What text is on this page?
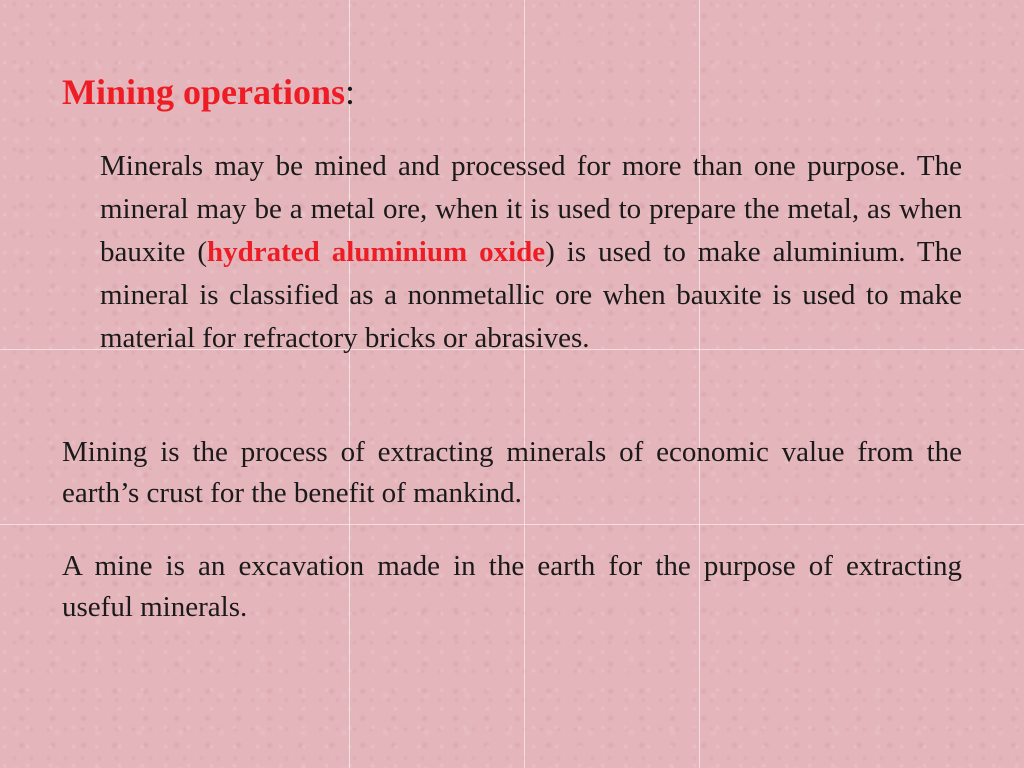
Mining operations:

Minerals may be mined and processed for more than one purpose. The mineral may be a metal ore, when it is used to prepare the metal, as when bauxite (hydrated aluminium oxide) is used to make aluminium. The mineral is classified as a nonmetallic ore when bauxite is used to make material for refractory bricks or abrasives.

Mining is the process of extracting minerals of economic value from the earth’s crust for the benefit of mankind.

A mine is an excavation made in the earth for the purpose of extracting useful minerals.
